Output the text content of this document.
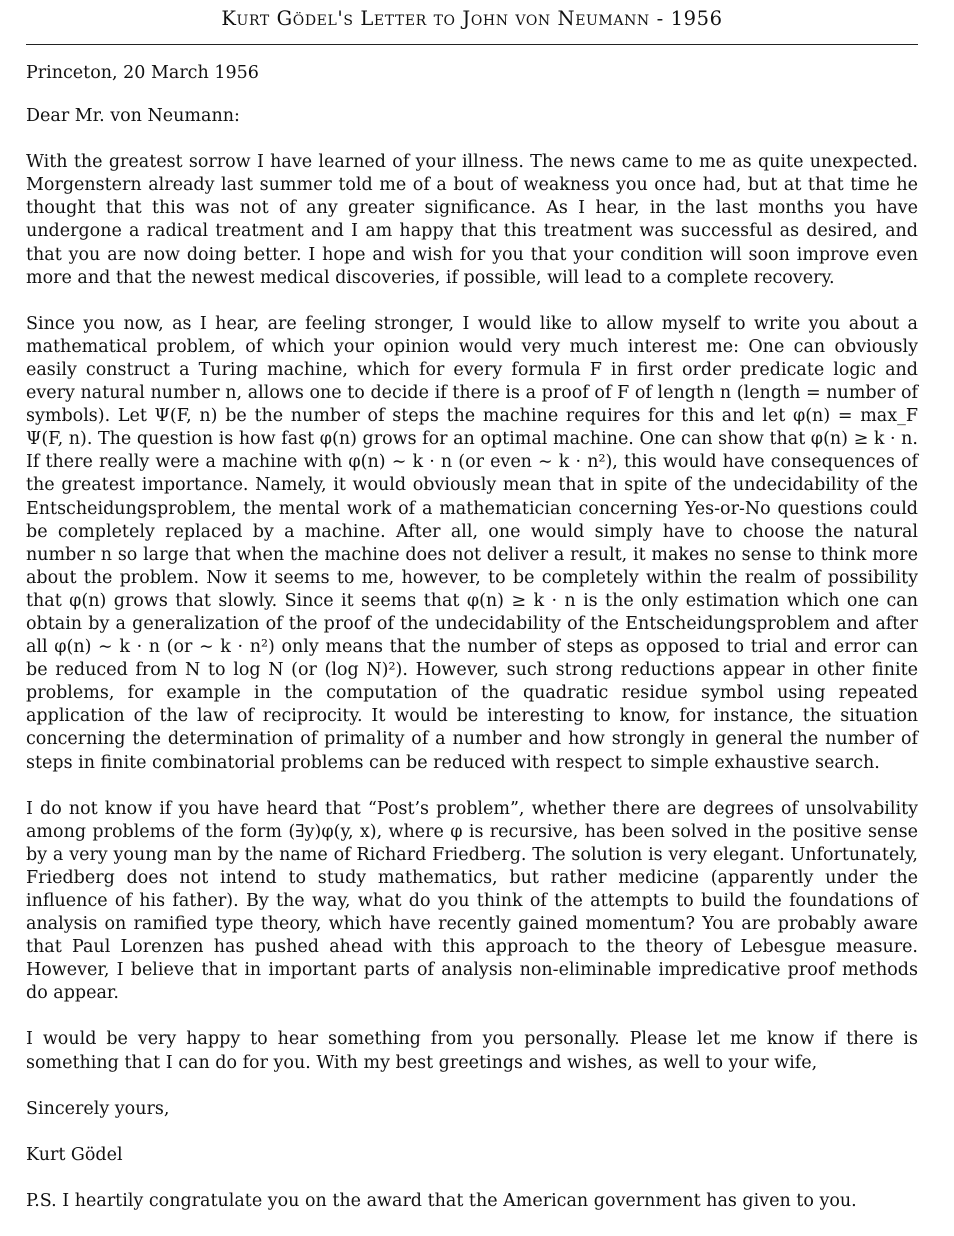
Kurt Gödel's Letter to John von Neumann - 1956

Princeton, 20 March 1956

Dear Mr. von Neumann:

With the greatest sorrow I have learned of your illness. The news came to me as quite unexpected. Morgenstern already last summer told me of a bout of weakness you once had, but at that time he thought that this was not of any greater significance. As I hear, in the last months you have undergone a radical treatment and I am happy that this treatment was successful as desired, and that you are now doing better. I hope and wish for you that your condition will soon improve even more and that the newest medical discoveries, if possible, will lead to a complete recovery.

Since you now, as I hear, are feeling stronger, I would like to allow myself to write you about a mathematical problem, of which your opinion would very much interest me: One can obviously easily construct a Turing machine, which for every formula F in first order predicate logic and every natural number n, allows one to decide if there is a proof of F of length n (length = number of symbols). Let Ψ(F, n) be the number of steps the machine requires for this and let φ(n) = max_F Ψ(F, n). The question is how fast φ(n) grows for an optimal machine. One can show that φ(n) ≥ k · n. If there really were a machine with φ(n) ∼ k · n (or even ∼ k · n²), this would have consequences of the greatest importance. Namely, it would obviously mean that in spite of the undecidability of the Entscheidungsproblem, the mental work of a mathematician concerning Yes-or-No questions could be completely replaced by a machine. After all, one would simply have to choose the natural number n so large that when the machine does not deliver a result, it makes no sense to think more about the problem. Now it seems to me, however, to be completely within the realm of possibility that φ(n) grows that slowly. Since it seems that φ(n) ≥ k · n is the only estimation which one can obtain by a generalization of the proof of the undecidability of the Entscheidungsproblem and after all φ(n) ∼ k · n (or ∼ k · n²) only means that the number of steps as opposed to trial and error can be reduced from N to log N (or (log N)²). However, such strong reductions appear in other finite problems, for example in the computation of the quadratic residue symbol using repeated application of the law of reciprocity. It would be interesting to know, for instance, the situation concerning the determination of primality of a number and how strongly in general the number of steps in finite combinatorial problems can be reduced with respect to simple exhaustive search.

I do not know if you have heard that “Post’s problem”, whether there are degrees of unsolvability among problems of the form (∃y)φ(y, x), where φ is recursive, has been solved in the positive sense by a very young man by the name of Richard Friedberg. The solution is very elegant. Unfortunately, Friedberg does not intend to study mathematics, but rather medicine (apparently under the influence of his father). By the way, what do you think of the attempts to build the foundations of analysis on ramified type theory, which have recently gained momentum? You are probably aware that Paul Lorenzen has pushed ahead with this approach to the theory of Lebesgue measure. However, I believe that in important parts of analysis non-eliminable impredicative proof methods do appear.

I would be very happy to hear something from you personally. Please let me know if there is something that I can do for you. With my best greetings and wishes, as well to your wife,

Sincerely yours,

Kurt Gödel

P.S. I heartily congratulate you on the award that the American government has given to you.
